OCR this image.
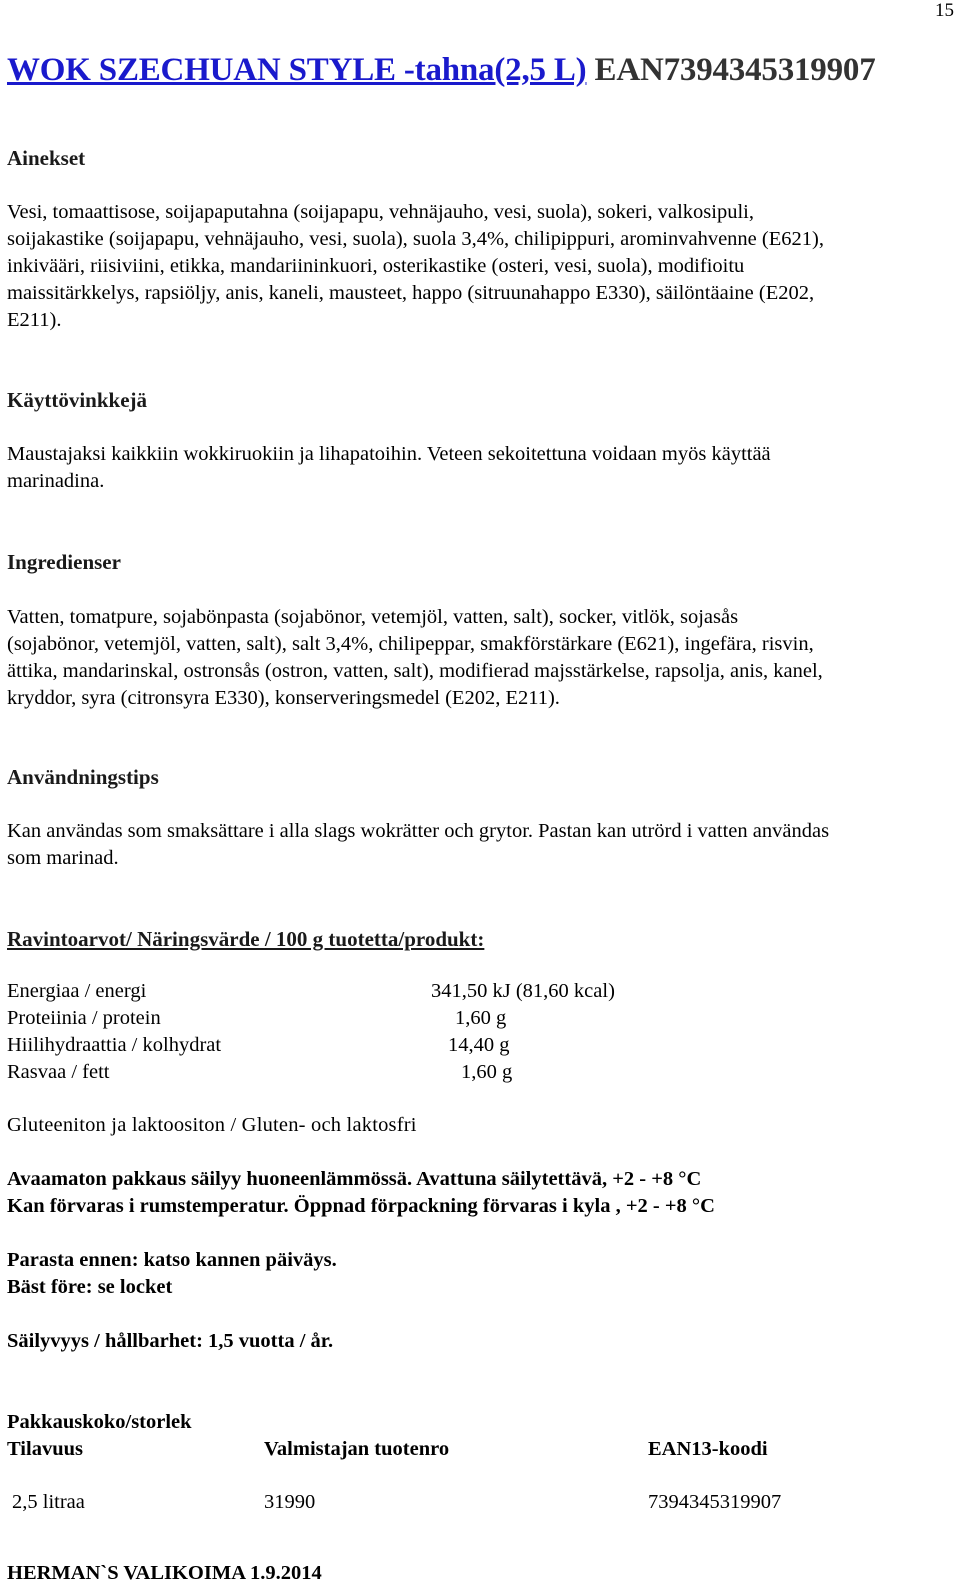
15
WOK SZECHUAN STYLE -tahna(2,5 L) EAN7394345319907
Ainekset
Vesi, tomaattisose, soijapaputahna (soijapapu, vehnäjauho, vesi, suola), sokeri, valkosipuli,
soijakastike (soijapapu, vehnäjauho, vesi, suola), suola 3,4%, chilipippuri, arominvahvenne (E621),
inkivääri, riisiviini, etikka, mandariininkuori, osterikastike (osteri, vesi, suola), modifioitu
maissitärkkelys, rapsiöljy, anis, kaneli, mausteet, happo (sitruunahappo E330), säilöntäaine (E202,
E211).
Käyttövinkkejä
Maustajaksi kaikkiin wokkiruokiin ja lihapatoihin. Veteen sekoitettuna voidaan myös käyttää
marinadina.
Ingredienser
Vatten, tomatpure, sojabönpasta (sojabönor, vetemjöl, vatten, salt), socker, vitlök, sojasås
(sojabönor, vetemjöl, vatten, salt), salt 3,4%, chilipeppar, smakförstärkare (E621), ingefära, risvin,
ättika, mandarinskal, ostronsås (ostron, vatten, salt), modifierad majsstärkelse, rapsolja, anis, kanel,
kryddor, syra (citronsyra E330), konserveringsmedel (E202, E211).
Användningstips
Kan användas som smaksättare i alla slags wokrätter och grytor. Pastan kan utrörd i vatten användas
som marinad.
Ravintoarvot/ Näringsvärde / 100 g tuotetta/produkt:
Energiaa / energi	341,50 kJ (81,60 kcal)
Proteiinia / protein	1,60 g
Hiilihydraattia / kolhydrat	14,40 g
Rasvaa / fett	1,60 g
Gluteeniton ja laktoositon / Gluten- och laktosfri
Avaamaton pakkaus säilyy huoneenlämmössä. Avattuna säilytettävä, +2 - +8 °C
Kan förvaras i rumstemperatur. Öppnad förpackning förvaras i kyla , +2 - +8 °C
Parasta ennen: katso kannen päiväys.
Bäst före: se locket
Säilyvyys / hållbarhet: 1,5 vuotta / år.
Pakkauskoko/storlek
Tilavuus	Valmistajan tuotenro	EAN13-koodi
2,5 litraa	31990	7394345319907
HERMAN`S VALIKOIMA 1.9.2014
